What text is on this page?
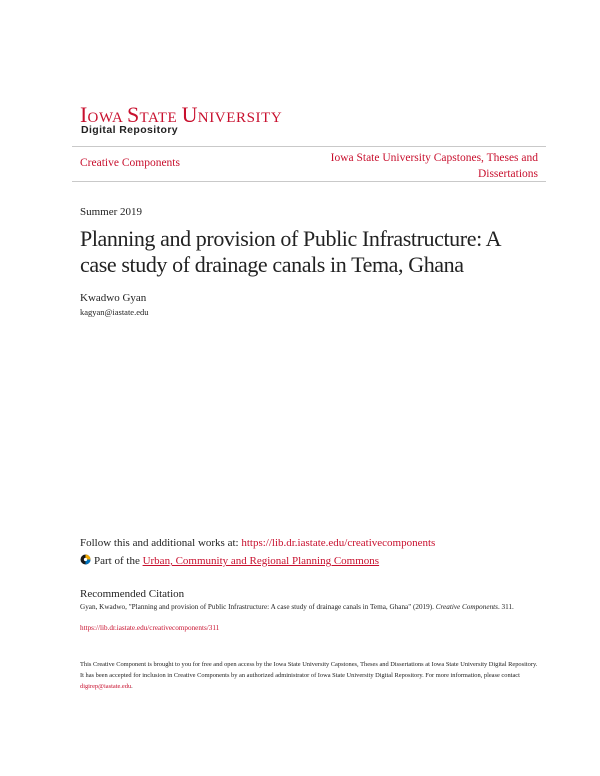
IOWA STATE UNIVERSITY
Digital Repository
Creative Components	Iowa State University Capstones, Theses and Dissertations
Summer 2019
Planning and provision of Public Infrastructure: A case study of drainage canals in Tema, Ghana
Kwadwo Gyan
kagyan@iastate.edu
Follow this and additional works at: https://lib.dr.iastate.edu/creativecomponents
Part of the Urban, Community and Regional Planning Commons
Recommended Citation
Gyan, Kwadwo, "Planning and provision of Public Infrastructure: A case study of drainage canals in Tema, Ghana" (2019). Creative Components. 311.
https://lib.dr.iastate.edu/creativecomponents/311
This Creative Component is brought to you for free and open access by the Iowa State University Capstones, Theses and Dissertations at Iowa State University Digital Repository. It has been accepted for inclusion in Creative Components by an authorized administrator of Iowa State University Digital Repository. For more information, please contact digirep@iastate.edu.
